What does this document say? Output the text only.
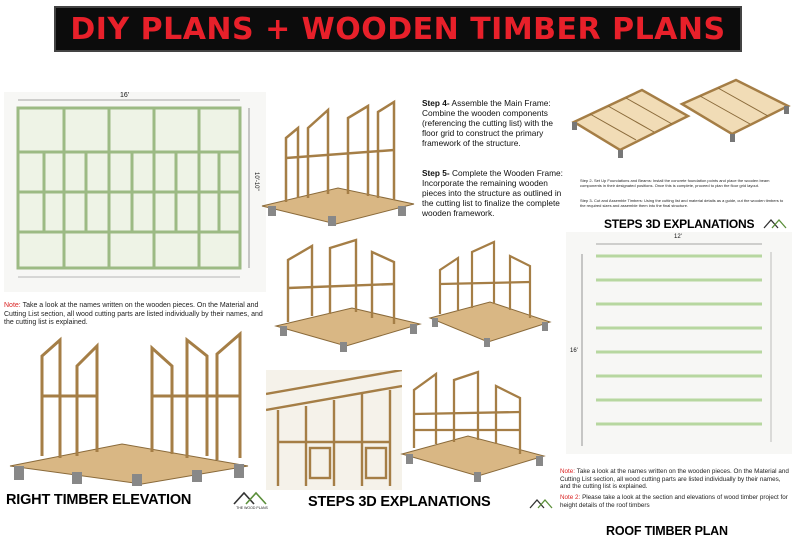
DIY PLANS + WOODEN TIMBER PLANS
16'
10'-10"
Note: Take a look at the names written on the wooden pieces. On the Material and Cutting List section, all wood cutting parts are listed individually by their names, and the cutting list is explained.
RIGHT TIMBER ELEVATION	THE WOOD PLANS
Step 4- Assemble the Main Frame: Combine the wooden components (referencing the cutting list) with the floor grid to construct the primary framework of the structure.
Step 5- Complete the Wooden Frame: Incorporate the remaining wooden pieces into the structure as outlined in the cutting list to finalize the complete wooden framework.
Step 2- Set Up Foundations and Beams: Install the concrete foundation points and place the wooden beam components in their designated positions. Once this is complete, proceed to plan the floor grid layout.
Step 3- Cut and Assemble Timbers: Using the cutting list and material details as a guide, cut the wooden timbers to the required sizes and assemble them into the final structure.
STEPS 3D EXPLANATIONS
STEPS 3D EXPLANATIONS
12'
16'
Note: Take a look at the names written on the wooden pieces. On the Material and Cutting List section, all wood cutting parts are listed individually by their names, and the cutting list is explained.
Note 2: Please take a look at the section and elevations of wood timber project for height details of the roof timbers
ROOF TIMBER PLAN
